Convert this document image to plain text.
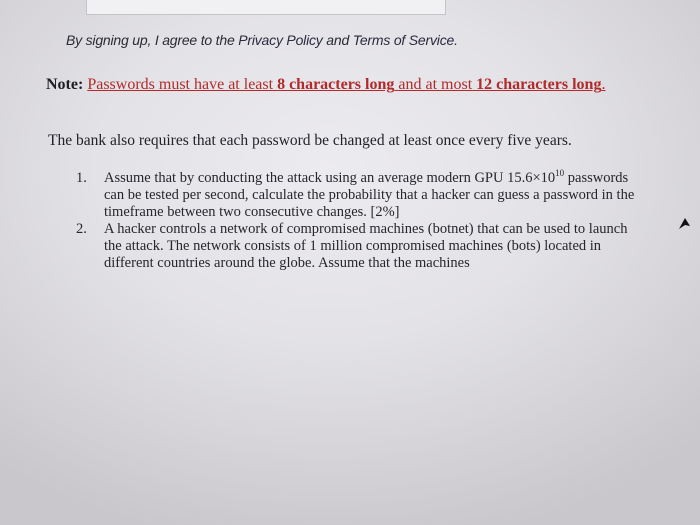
By signing up, I agree to the Privacy Policy and Terms of Service.
Note: Passwords must have at least 8 characters long and at most 12 characters long.
The bank also requires that each password be changed at least once every five years.
1. Assume that by conducting the attack using an average modern GPU $15.6\times 10^{10}$ passwords can be tested per second, calculate the probability that a hacker can guess a password in the timeframe between two consecutive changes. [2%]
2. A hacker controls a network of compromised machines (botnet) that can be used to launch the attack. The network consists of 1 million compromised machines (bots) located in different countries around the globe. Assume that the machines
